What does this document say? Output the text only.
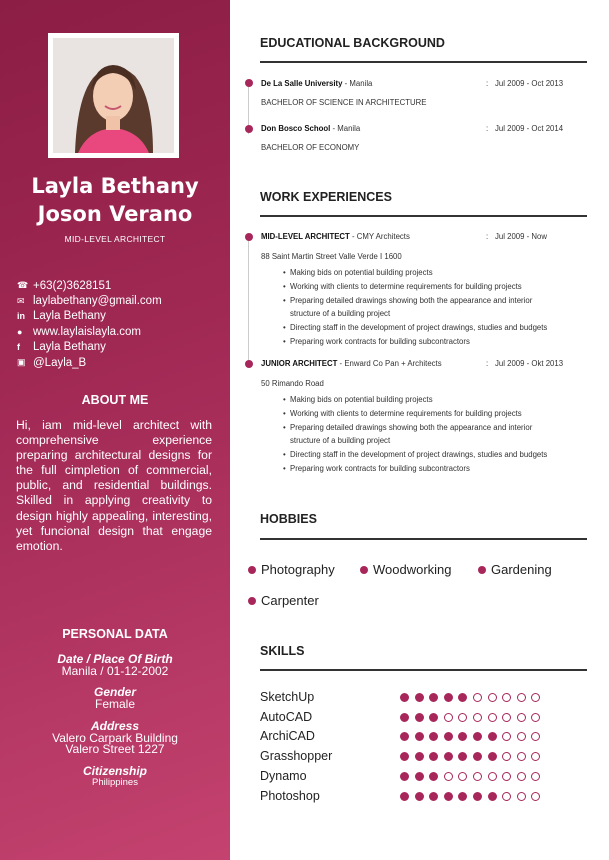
Layla Bethany
Joson Verano
MID-LEVEL ARCHITECT
☎ +63(2)3628151
✉ laylabethany@gmail.com
in Layla Bethany
● www.laylaislayla.com
f	Layla Bethany
▣ @Layla_B
ABOUT ME
Hi, iam mid-level architect with comprehensive experience preparing architectural designs for the full cimpletion of commercial, public, and residential buildings. Skilled in applying creativity to design highly appealing, interesting, yet funcional design that engage emotion.
PERSONAL DATA
Date / Place Of Birth
Manila / 01-12-2002
Gender
Female
Address
Valero Carpark Building
Valero Street 1227
Citizenship
Philippines
EDUCATIONAL BACKGROUND
De La Salle University - Manila	: Jul 2009 - Oct 2013
BACHELOR OF SCIENCE IN ARCHITECTURE
Don Bosco School - Manila	: Jul 2009 - Oct 2014
BACHELOR OF ECONOMY
WORK EXPERIENCES
MID-LEVEL ARCHITECT - CMY Architects	: Jul 2009 - Now
88 Saint Martin Street Valle Verde I 1600
• Making bids on potential building projects
• Working with clients to determine requirements for building projects
• Preparing detailed drawings showing both the appearance and interior
structure of a building project
• Directing staff in the development of project drawings, studies and budgets
• Preparing work contracts for building subcontractors
JUNIOR ARCHITECT - Enward Co Pan + Architects	: Jul 2009 - Okt 2013
50 Rimando Road
• Making bids on potential building projects
• Working with clients to determine requirements for building projects
• Preparing detailed drawings showing both the appearance and interior
structure of a building project
• Directing staff in the development of project drawings, studies and budgets
• Preparing work contracts for building subcontractors
HOBBIES
Photography	Woodworking	Gardening
Carpenter
SKILLS
SketchUp
AutoCAD
ArchiCAD
Grasshopper
Dynamo
Photoshop
